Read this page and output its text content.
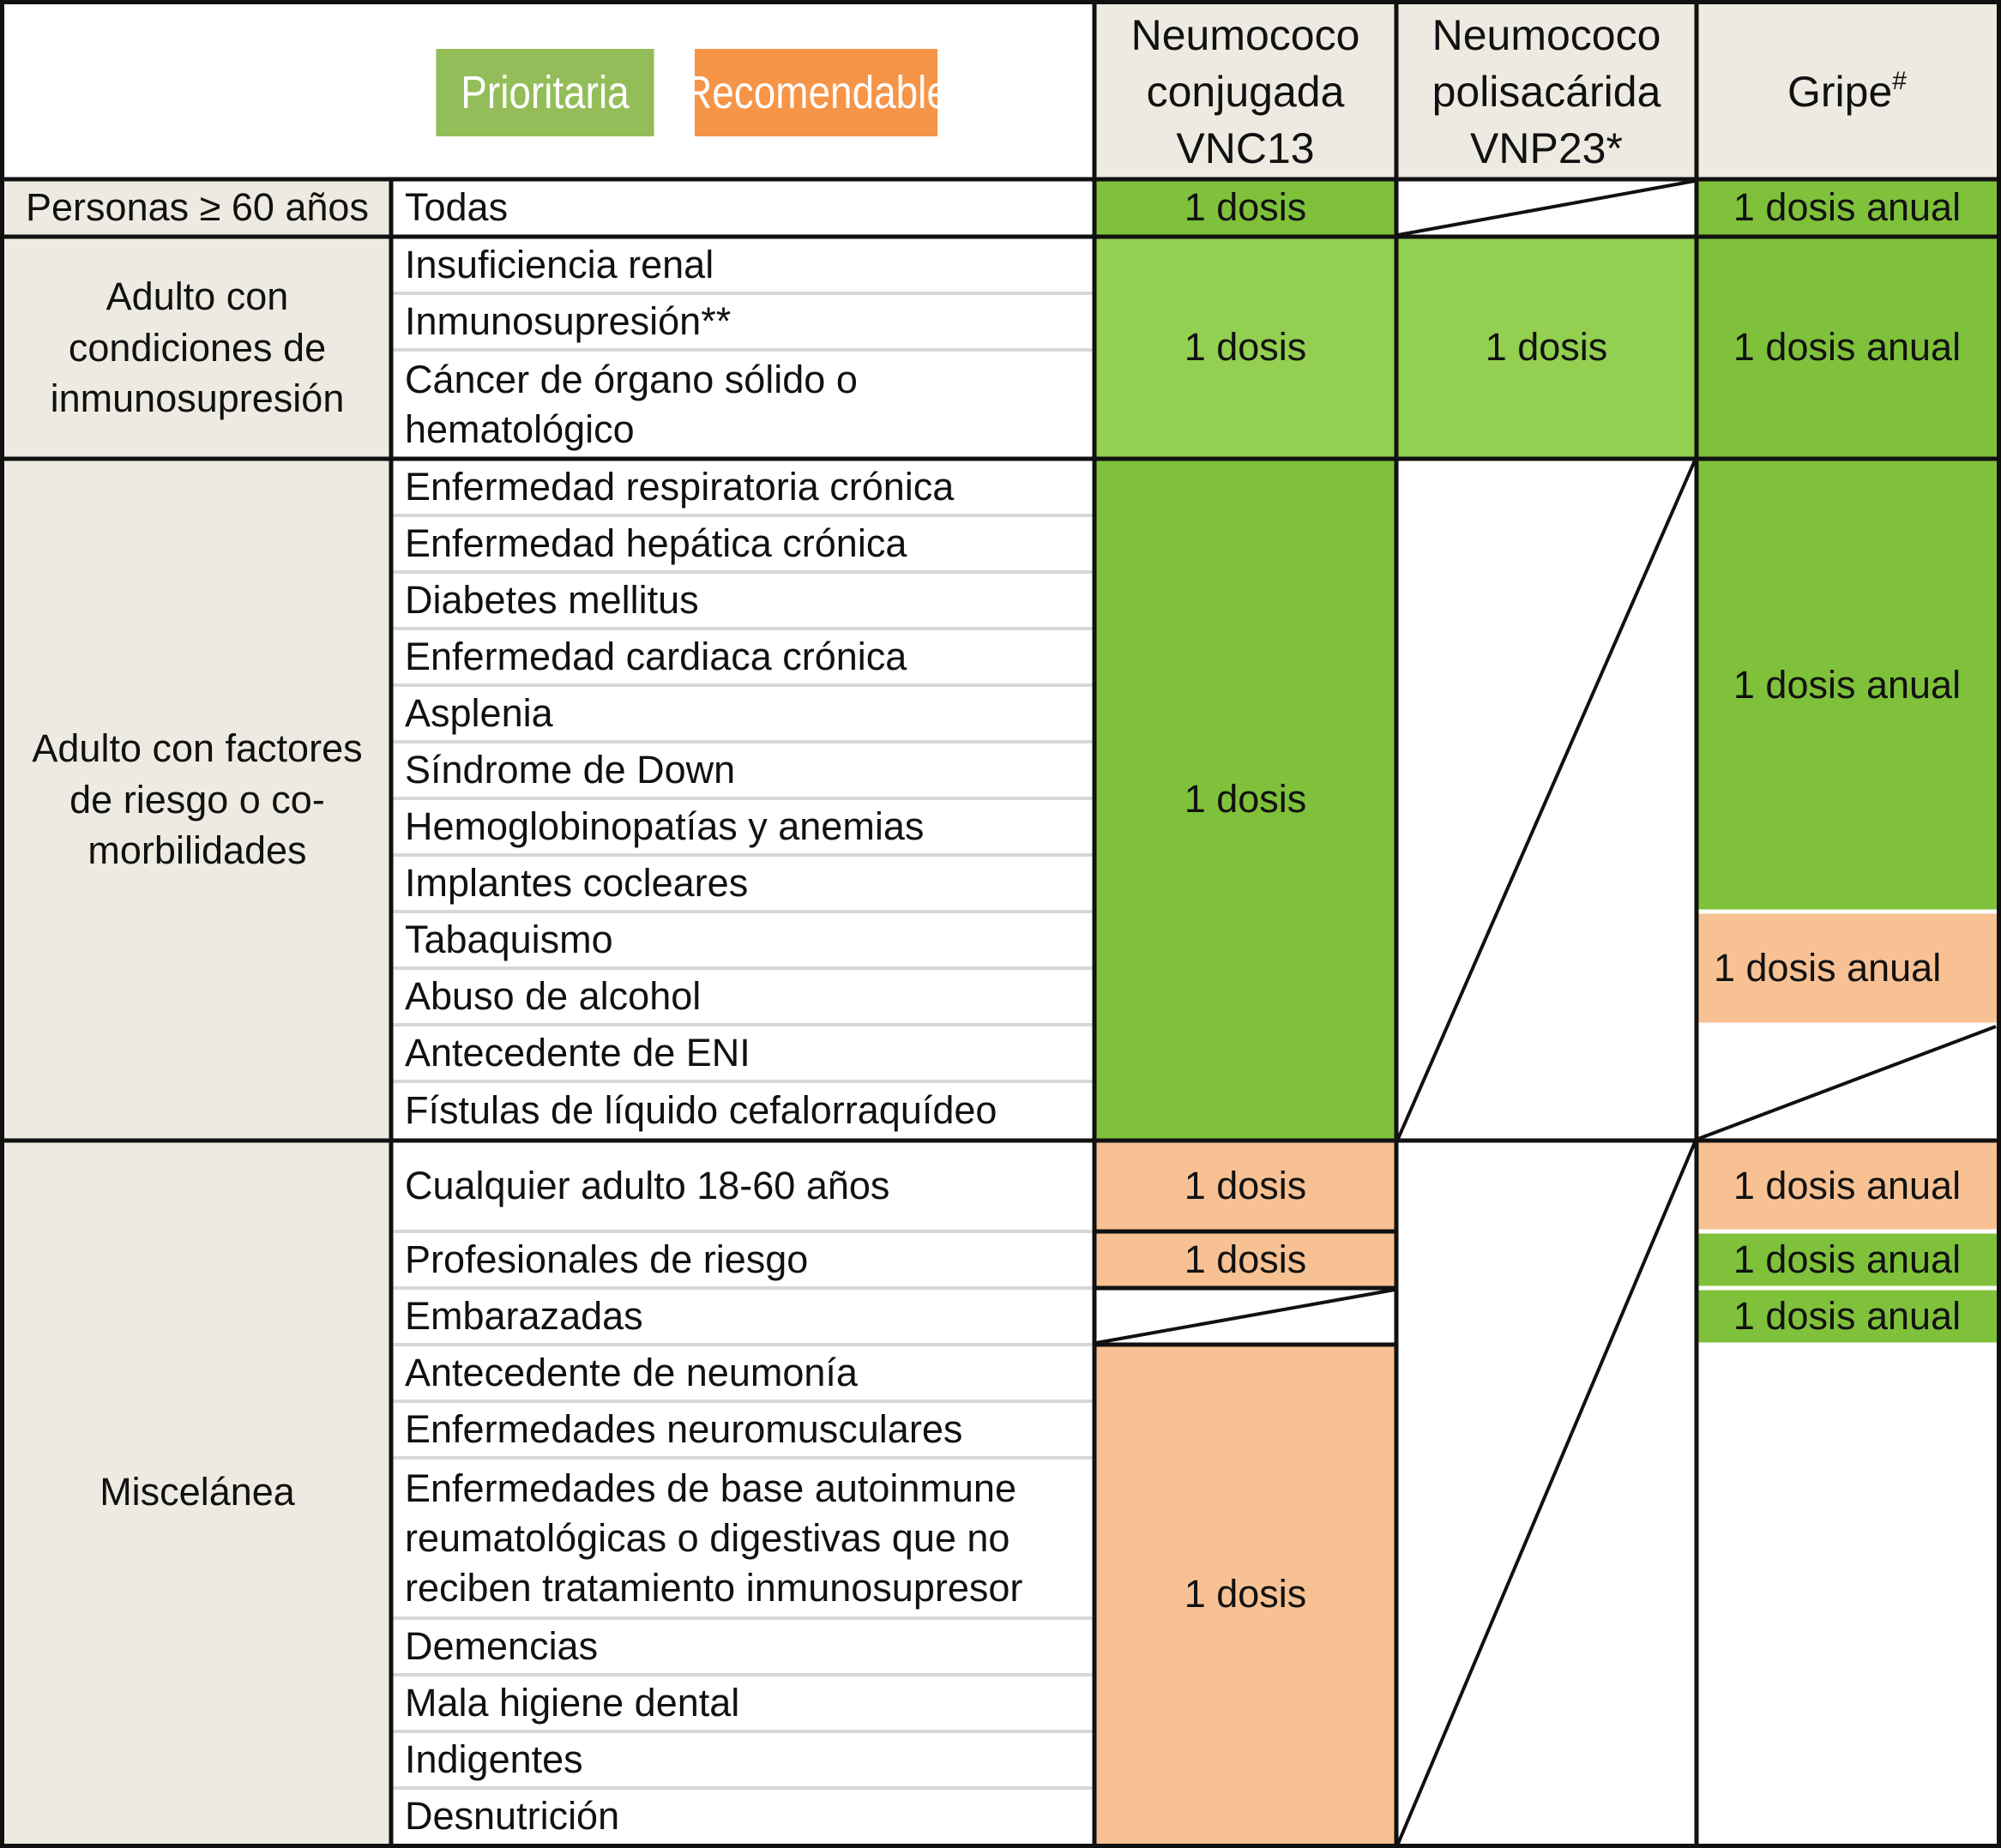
Prioritaria	Recomendable
Neumococo
conjugada
VNC13
Neumococo
polisacárida
VNP23*
Gripe#
Personas ≥ 60 años
Adulto con
condiciones de
inmunosupresión
Adulto con factores
de riesgo o co-
morbilidades
Miscelánea
Todas
Insuficiencia renal
Inmunosupresión**
Cáncer de órgano sólido o hematológico
Enfermedad respiratoria crónica
Enfermedad hepática crónica
Diabetes mellitus
Enfermedad cardiaca crónica
Asplenia
Síndrome de Down
Hemoglobinopatías y anemias
Implantes cocleares
Tabaquismo
Abuso de alcohol
Antecedente de ENI
Fístulas de líquido cefalorraquídeo
Cualquier adulto 18-60 años
Profesionales de riesgo
Embarazadas
Antecedente de neumonía
Enfermedades neuromusculares
Enfermedades de base autoinmune reumatológicas o digestivas que no reciben tratamiento inmunosupresor
Demencias
Mala higiene dental
Indigentes
Desnutrición
1 dosis
1 dosis
1 dosis
1 dosis
1 dosis
1 dosis
1 dosis
1 dosis anual
1 dosis anual
1 dosis anual
1 dosis anual
1 dosis anual
1 dosis anual
1 dosis anual
